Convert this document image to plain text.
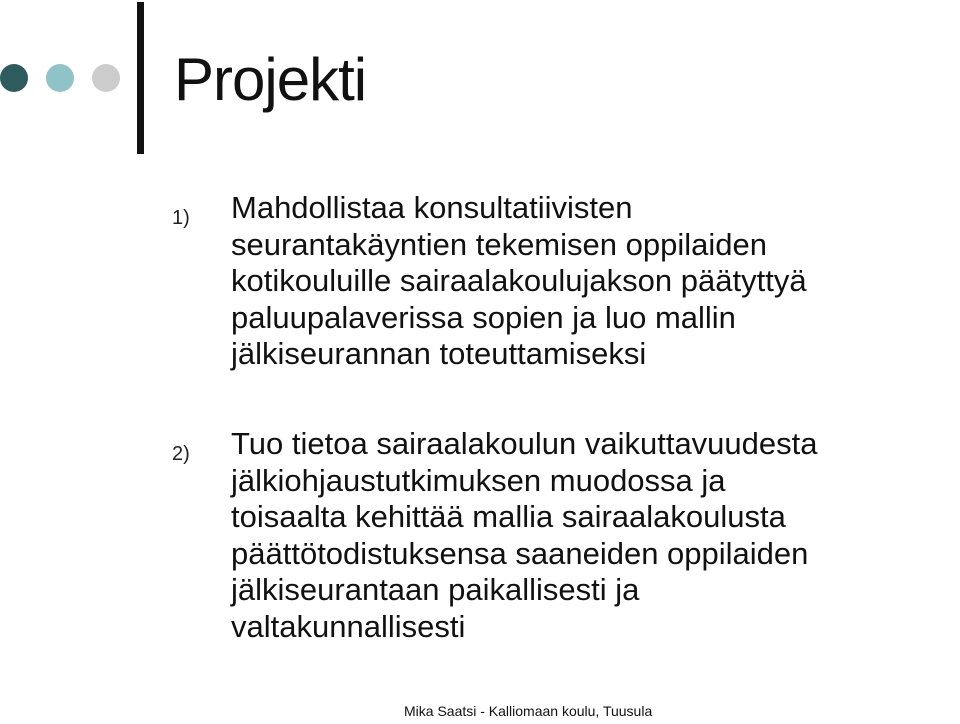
Projekti
1) Mahdollistaa konsultatiivisten
seurantakäyntien tekemisen oppilaiden
kotikouluille sairaalakoulujakson päätyttyä
paluupalaverissa sopien ja luo mallin
jälkiseurannan toteuttamiseksi
2) Tuo tietoa sairaalakoulun vaikuttavuudesta
jälkiohjaustutkimuksen muodossa ja
toisaalta kehittää mallia sairaalakoulusta
päättötodistuksensa saaneiden oppilaiden
jälkiseurantaan paikallisesti ja
valtakunnallisesti
Mika Saatsi - Kalliomaan koulu, Tuusula
